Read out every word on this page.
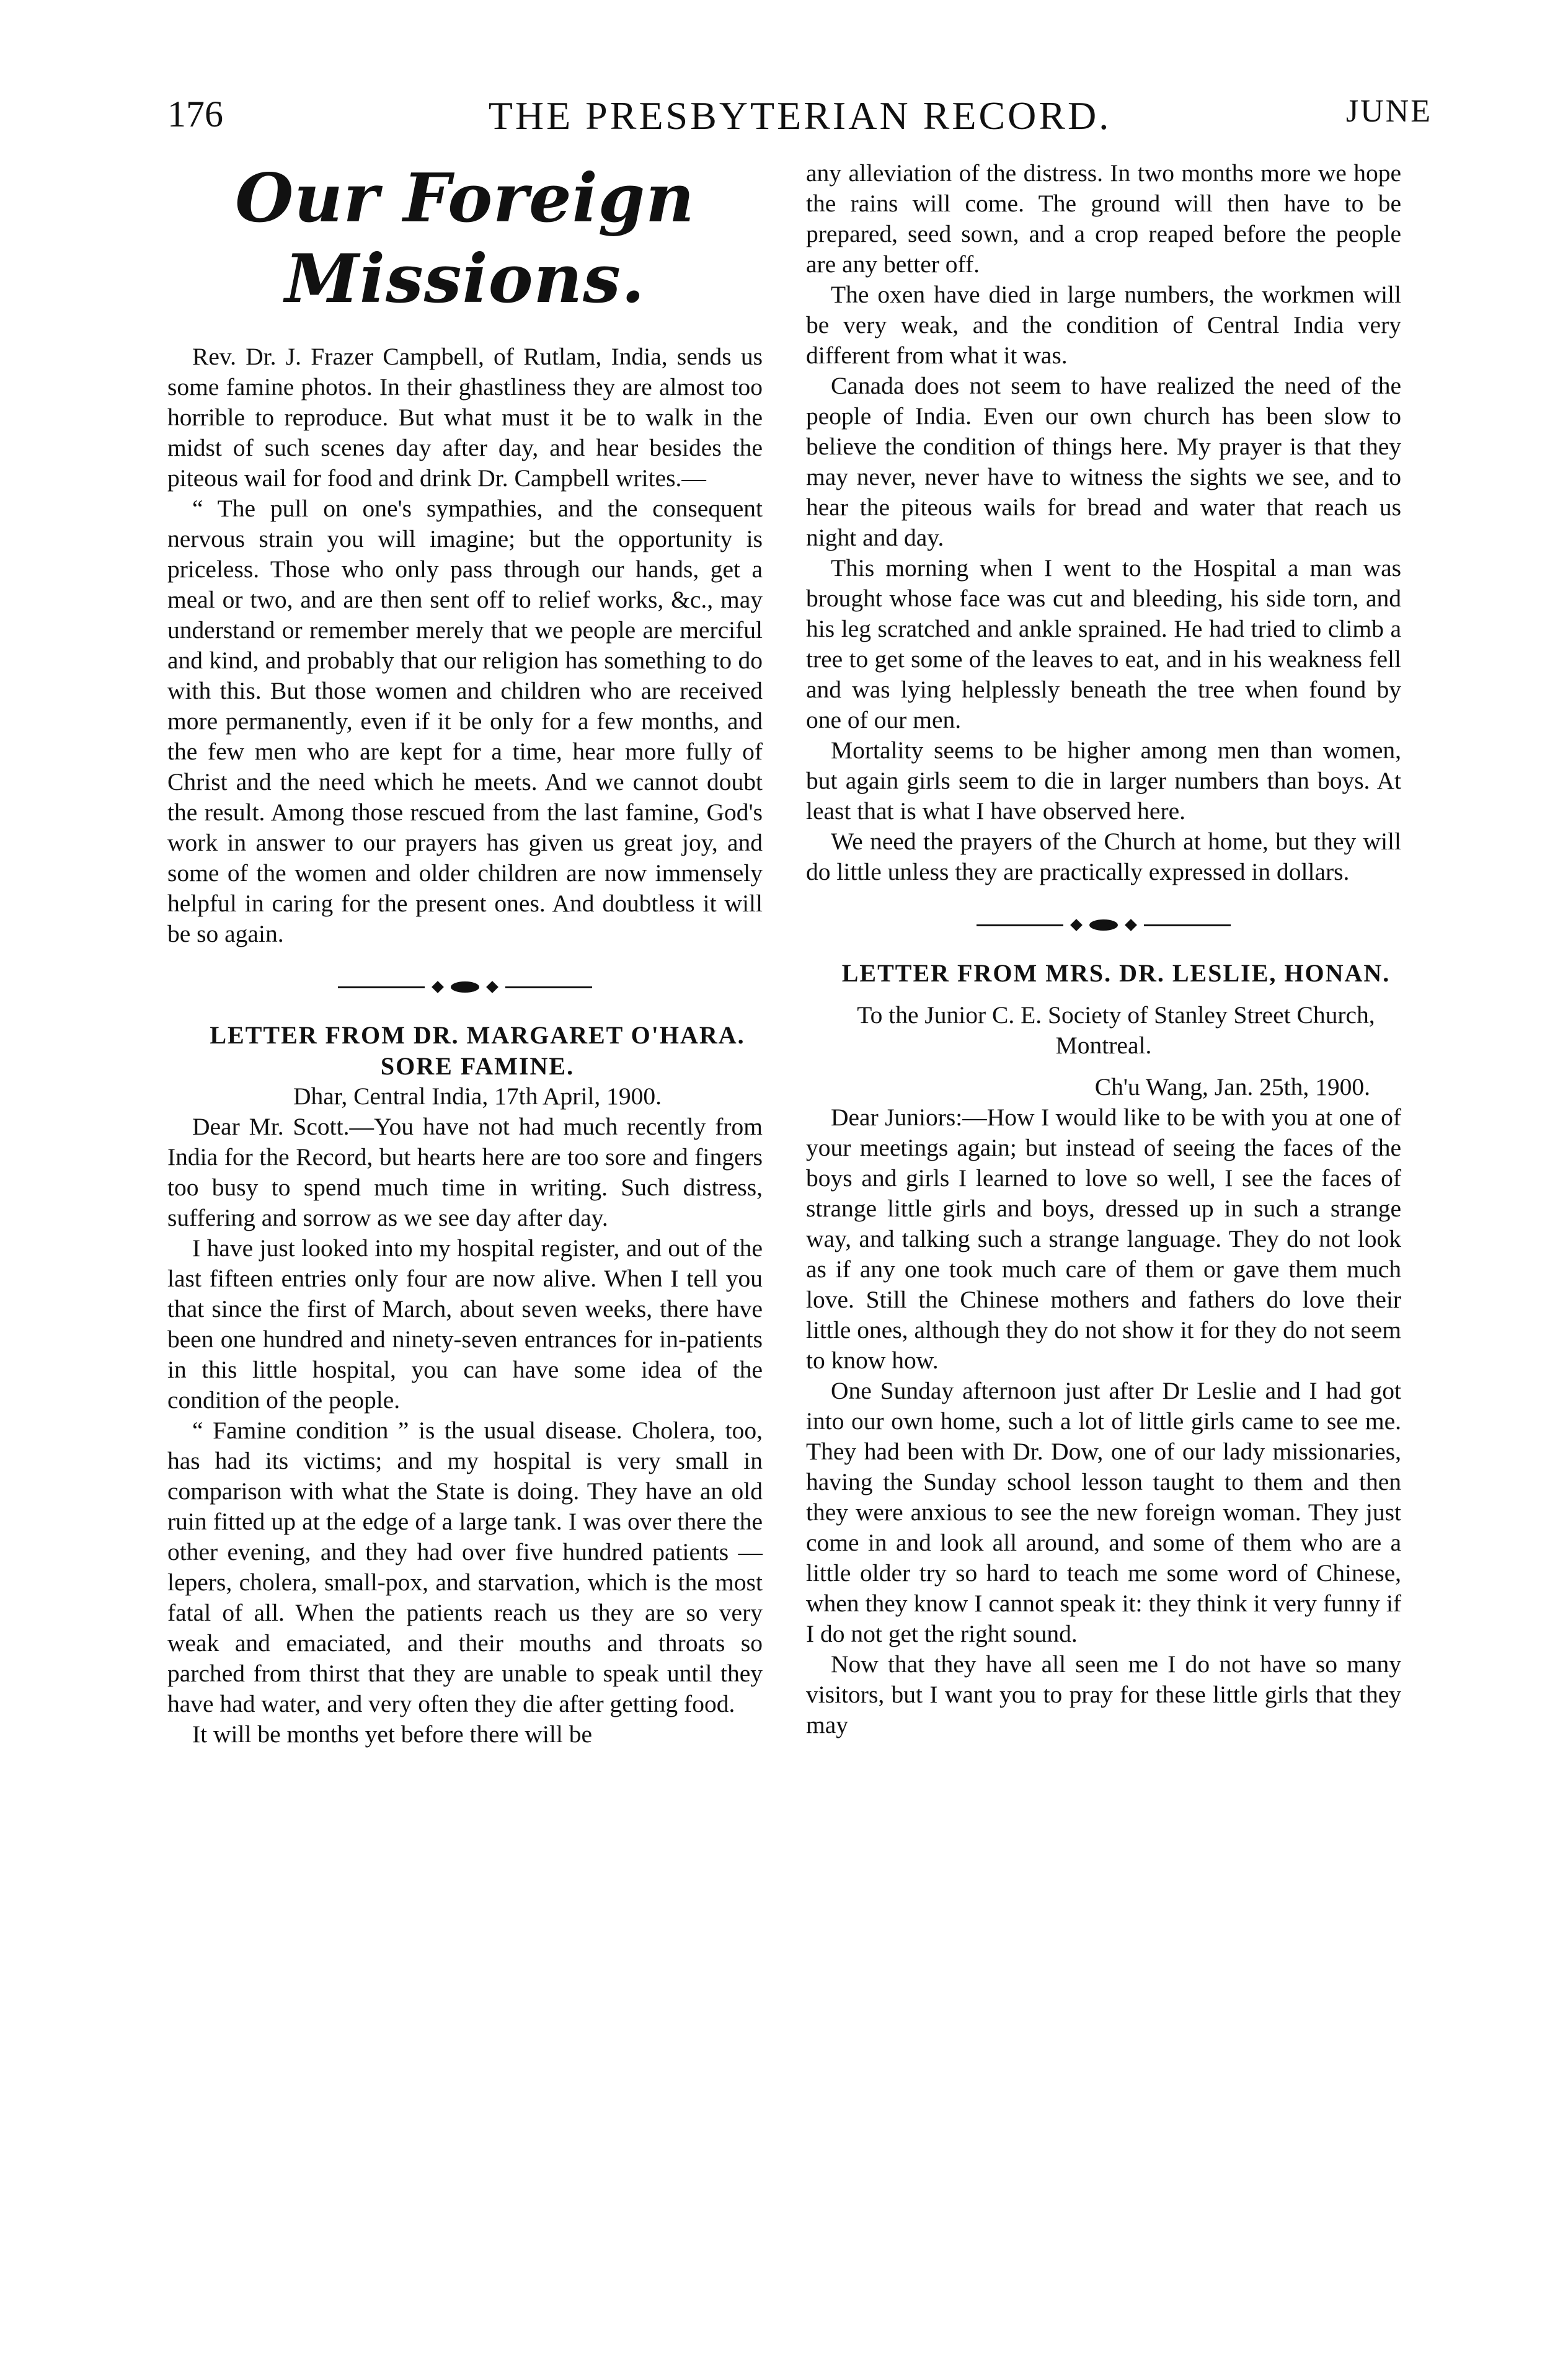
176	THE PRESBYTERIAN RECORD.	JUNE
Our Foreign Missions.

Rev. Dr. J. Frazer Campbell, of Rutlam, India, sends us some famine photos. In their ghastliness they are almost too horrible to reproduce. But what must it be to walk in the midst of such scenes day after day, and hear besides the piteous wail for food and drink Dr. Campbell writes.—

“ The pull on one's sympathies, and the consequent nervous strain you will imagine; but the opportunity is priceless. Those who only pass through our hands, get a meal or two, and are then sent off to relief works, &c., may understand or remember merely that we people are merciful and kind, and probably that our religion has something to do with this. But those women and children who are received more permanently, even if it be only for a few months, and the few men who are kept for a time, hear more fully of Christ and the need which he meets. And we cannot doubt the result. Among those rescued from the last famine, God's work in answer to our prayers has given us great joy, and some of the women and older children are now immensely helpful in caring for the present ones. And doubtless it will be so again.

LETTER FROM DR. MARGARET O'HARA.

SORE FAMINE.

Dhar, Central India, 17th April, 1900.

Dear Mr. Scott.—You have not had much recently from India for the Record, but hearts here are too sore and fingers too busy to spend much time in writing. Such distress, suffering and sorrow as we see day after day.

I have just looked into my hospital register, and out of the last fifteen entries only four are now alive. When I tell you that since the first of March, about seven weeks, there have been one hundred and ninety-seven entrances for in-patients in this little hospital, you can have some idea of the condition of the people.

“ Famine condition ” is the usual disease. Cholera, too, has had its victims; and my hospital is very small in comparison with what the State is doing. They have an old ruin fitted up at the edge of a large tank. I was over there the other evening, and they had over five hundred patients — lepers, cholera, small-pox, and starvation, which is the most fatal of all. When the patients reach us they are so very weak and emaciated, and their mouths and throats so parched from thirst that they are unable to speak until they have had water, and very often they die after getting food.

It will be months yet before there will be

any alleviation of the distress. In two months more we hope the rains will come. The ground will then have to be prepared, seed sown, and a crop reaped before the people are any better off.

The oxen have died in large numbers, the workmen will be very weak, and the condition of Central India very different from what it was.

Canada does not seem to have realized the need of the people of India. Even our own church has been slow to believe the condition of things here. My prayer is that they may never, never have to witness the sights we see, and to hear the piteous wails for bread and water that reach us night and day.

This morning when I went to the Hospital a man was brought whose face was cut and bleeding, his side torn, and his leg scratched and ankle sprained. He had tried to climb a tree to get some of the leaves to eat, and in his weakness fell and was lying helplessly beneath the tree when found by one of our men.

Mortality seems to be higher among men than women, but again girls seem to die in larger numbers than boys. At least that is what I have observed here.

We need the prayers of the Church at home, but they will do little unless they are practically expressed in dollars.

LETTER FROM MRS. DR. LESLIE, HONAN.

To the Junior C. E. Society of Stanley Street Church, Montreal.

Ch'u Wang, Jan. 25th, 1900.

Dear Juniors:—How I would like to be with you at one of your meetings again; but instead of seeing the faces of the boys and girls I learned to love so well, I see the faces of strange little girls and boys, dressed up in such a strange way, and talking such a strange language. They do not look as if any one took much care of them or gave them much love. Still the Chinese mothers and fathers do love their little ones, although they do not show it for they do not seem to know how.

One Sunday afternoon just after Dr Leslie and I had got into our own home, such a lot of little girls came to see me. They had been with Dr. Dow, one of our lady missionaries, having the Sunday school lesson taught to them and then they were anxious to see the new foreign woman. They just come in and look all around, and some of them who are a little older try so hard to teach me some word of Chinese, when they know I cannot speak it: they think it very funny if I do not get the right sound.

Now that they have all seen me I do not have so many visitors, but I want you to pray for these little girls that they may
